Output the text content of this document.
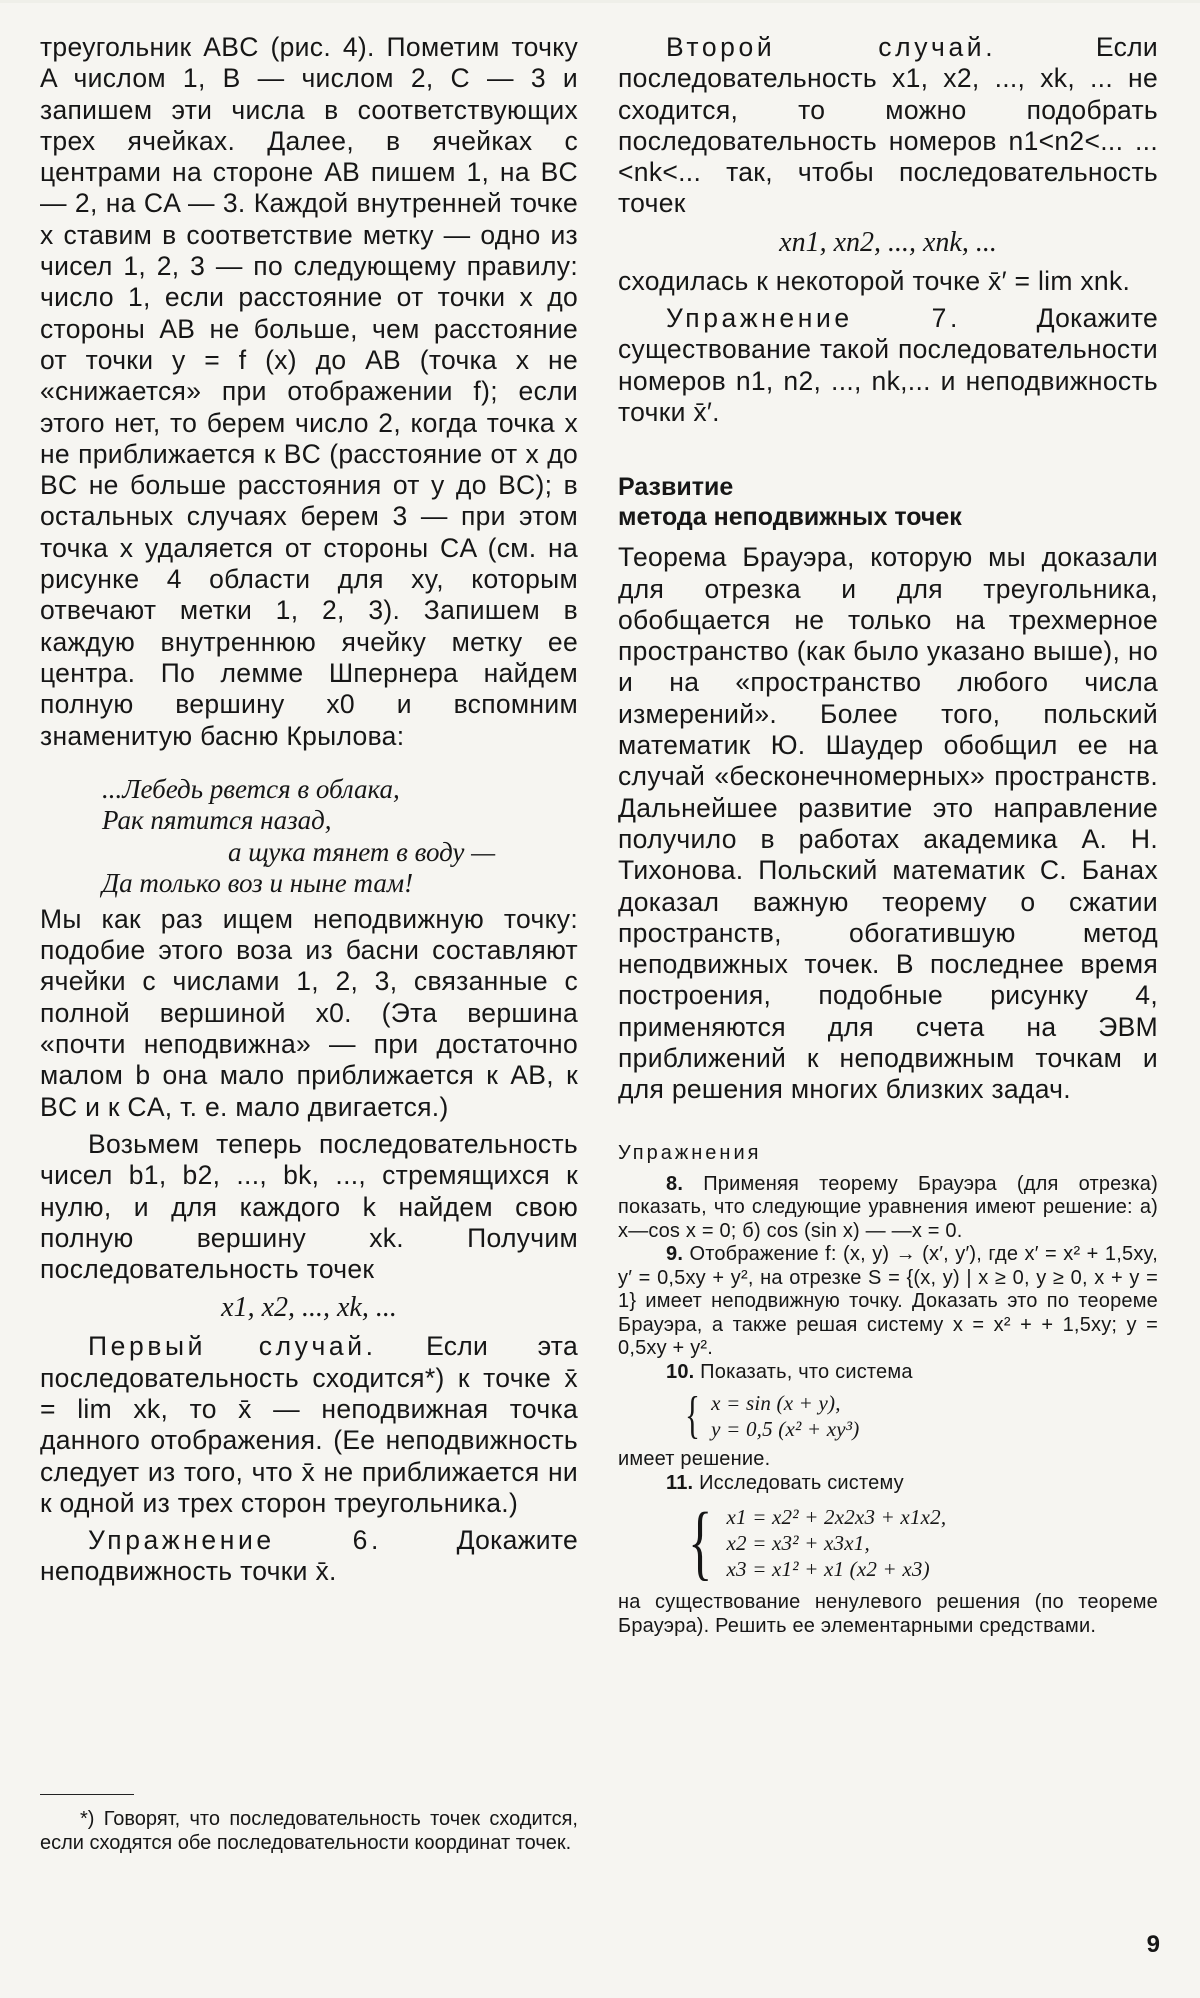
треугольник ABC (рис. 4). Пометим точку A числом 1, B — числом 2, C — 3 и запишем эти числа в соответствующих трех ячейках. Далее, в ячейках с центрами на стороне AB пишем 1, на BC — 2, на CA — 3. Каждой внутренней точке x ставим в соответствие метку — одно из чисел 1, 2, 3 — по следующему правилу: число 1, если расстояние от точки x до стороны AB не больше, чем расстояние от точки y = f (x) до AB (точка x не «снижается» при отображении f); если этого нет, то берем число 2, когда точка x не приближается к BC (расстояние от x до BC не больше расстояния от y до BC); в остальных случаях берем 3 — при этом точка x удаляется от стороны CA (см. на рисунке 4 области для xy, которым отвечают метки 1, 2, 3). Запишем в каждую внутреннюю ячейку метку ее центра. По лемме Шпернера найдем полную вершину x0 и вспомним знаменитую басню Крылова:

...Лебедь рвется в облака,
Рак пятится назад,
а щука тянет в воду —
Да только воз и ныне там!

Мы как раз ищем неподвижную точку: подобие этого воза из басни составляют ячейки с числами 1, 2, 3, связанные с полной вершиной x0. (Эта вершина «почти неподвижна» — при достаточно малом b она мало приближается к AB, к BC и к CA, т. е. мало двигается.)

Возьмем теперь последовательность чисел b1, b2, ..., bk, ..., стремящихся к нулю, и для каждого k найдем свою полную вершину xk. Получим последовательность точек

x1, x2, ..., xk, ...

Первый случай. Если эта последовательность сходится*) к точке x̄ = lim xk, то x̄ — неподвижная точка данного отображения. (Ее неподвижность следует из того, что x̄ не приближается ни к одной из трех сторон треугольника.)

Упражнение 6.	Докажите неподвижность точки x̄.

*) Говорят, что последовательность точек сходится, если сходятся обе последовательности координат точек.

Второй случай.	Если последовательность x1, x2, ..., xk, ... не сходится, то можно подобрать последовательность номеров n1<n2<... ...<nk<... так, чтобы последовательность точек

xn1, xn2, ..., xnk, ...

сходилась к некоторой точке x̄′ = lim xnk.

Упражнение 7.	Докажите существование такой последовательности номеров n1, n2, ..., nk,... и неподвижность точки x̄′.

Развитие
метода неподвижных точек

Теорема Брауэра, которую мы доказали для отрезка и для треугольника, обобщается не только на трехмерное пространство (как было указано выше), но и на «пространство любого числа измерений». Более того, польский математик Ю. Шаудер обобщил ее на случай «бесконечномерных» пространств. Дальнейшее развитие это направление получило в работах академика А. Н. Тихонова. Польский математик С. Банах доказал важную теорему о сжатии пространств, обогатившую метод неподвижных точек. В последнее время построения, подобные рисунку 4, применяются для счета на ЭВМ приближений к неподвижным точкам и для решения многих близких задач.

Упражнения

8. Применяя теорему Брауэра (для отрезка) показать, что следующие уравнения имеют решение: а) x—cos x = 0; б) cos (sin x) — —x = 0.

9. Отображение f: (x, y) → (x′, y′), где x′ = x² + 1,5xy, y′ = 0,5xy + y², на отрезке S = {(x, y) | x ≥ 0, y ≥ 0, x + y = 1} имеет неподвижную точку. Доказать это по теореме Брауэра, а также решая систему x = x² + + 1,5xy; y = 0,5xy + y².

10. Показать, что система

{ x = sin (x + y),
y = 0,5 (x² + xy³)

имеет решение.

11. Исследовать систему

{ x1 = x2² + 2x2x3 + x1x2,
x2 = x3² + x3x1,
x3 = x1² + x1 (x2 + x3)

на существование ненулевого решения (по теореме Брауэра). Решить ее элементарными средствами.

9
